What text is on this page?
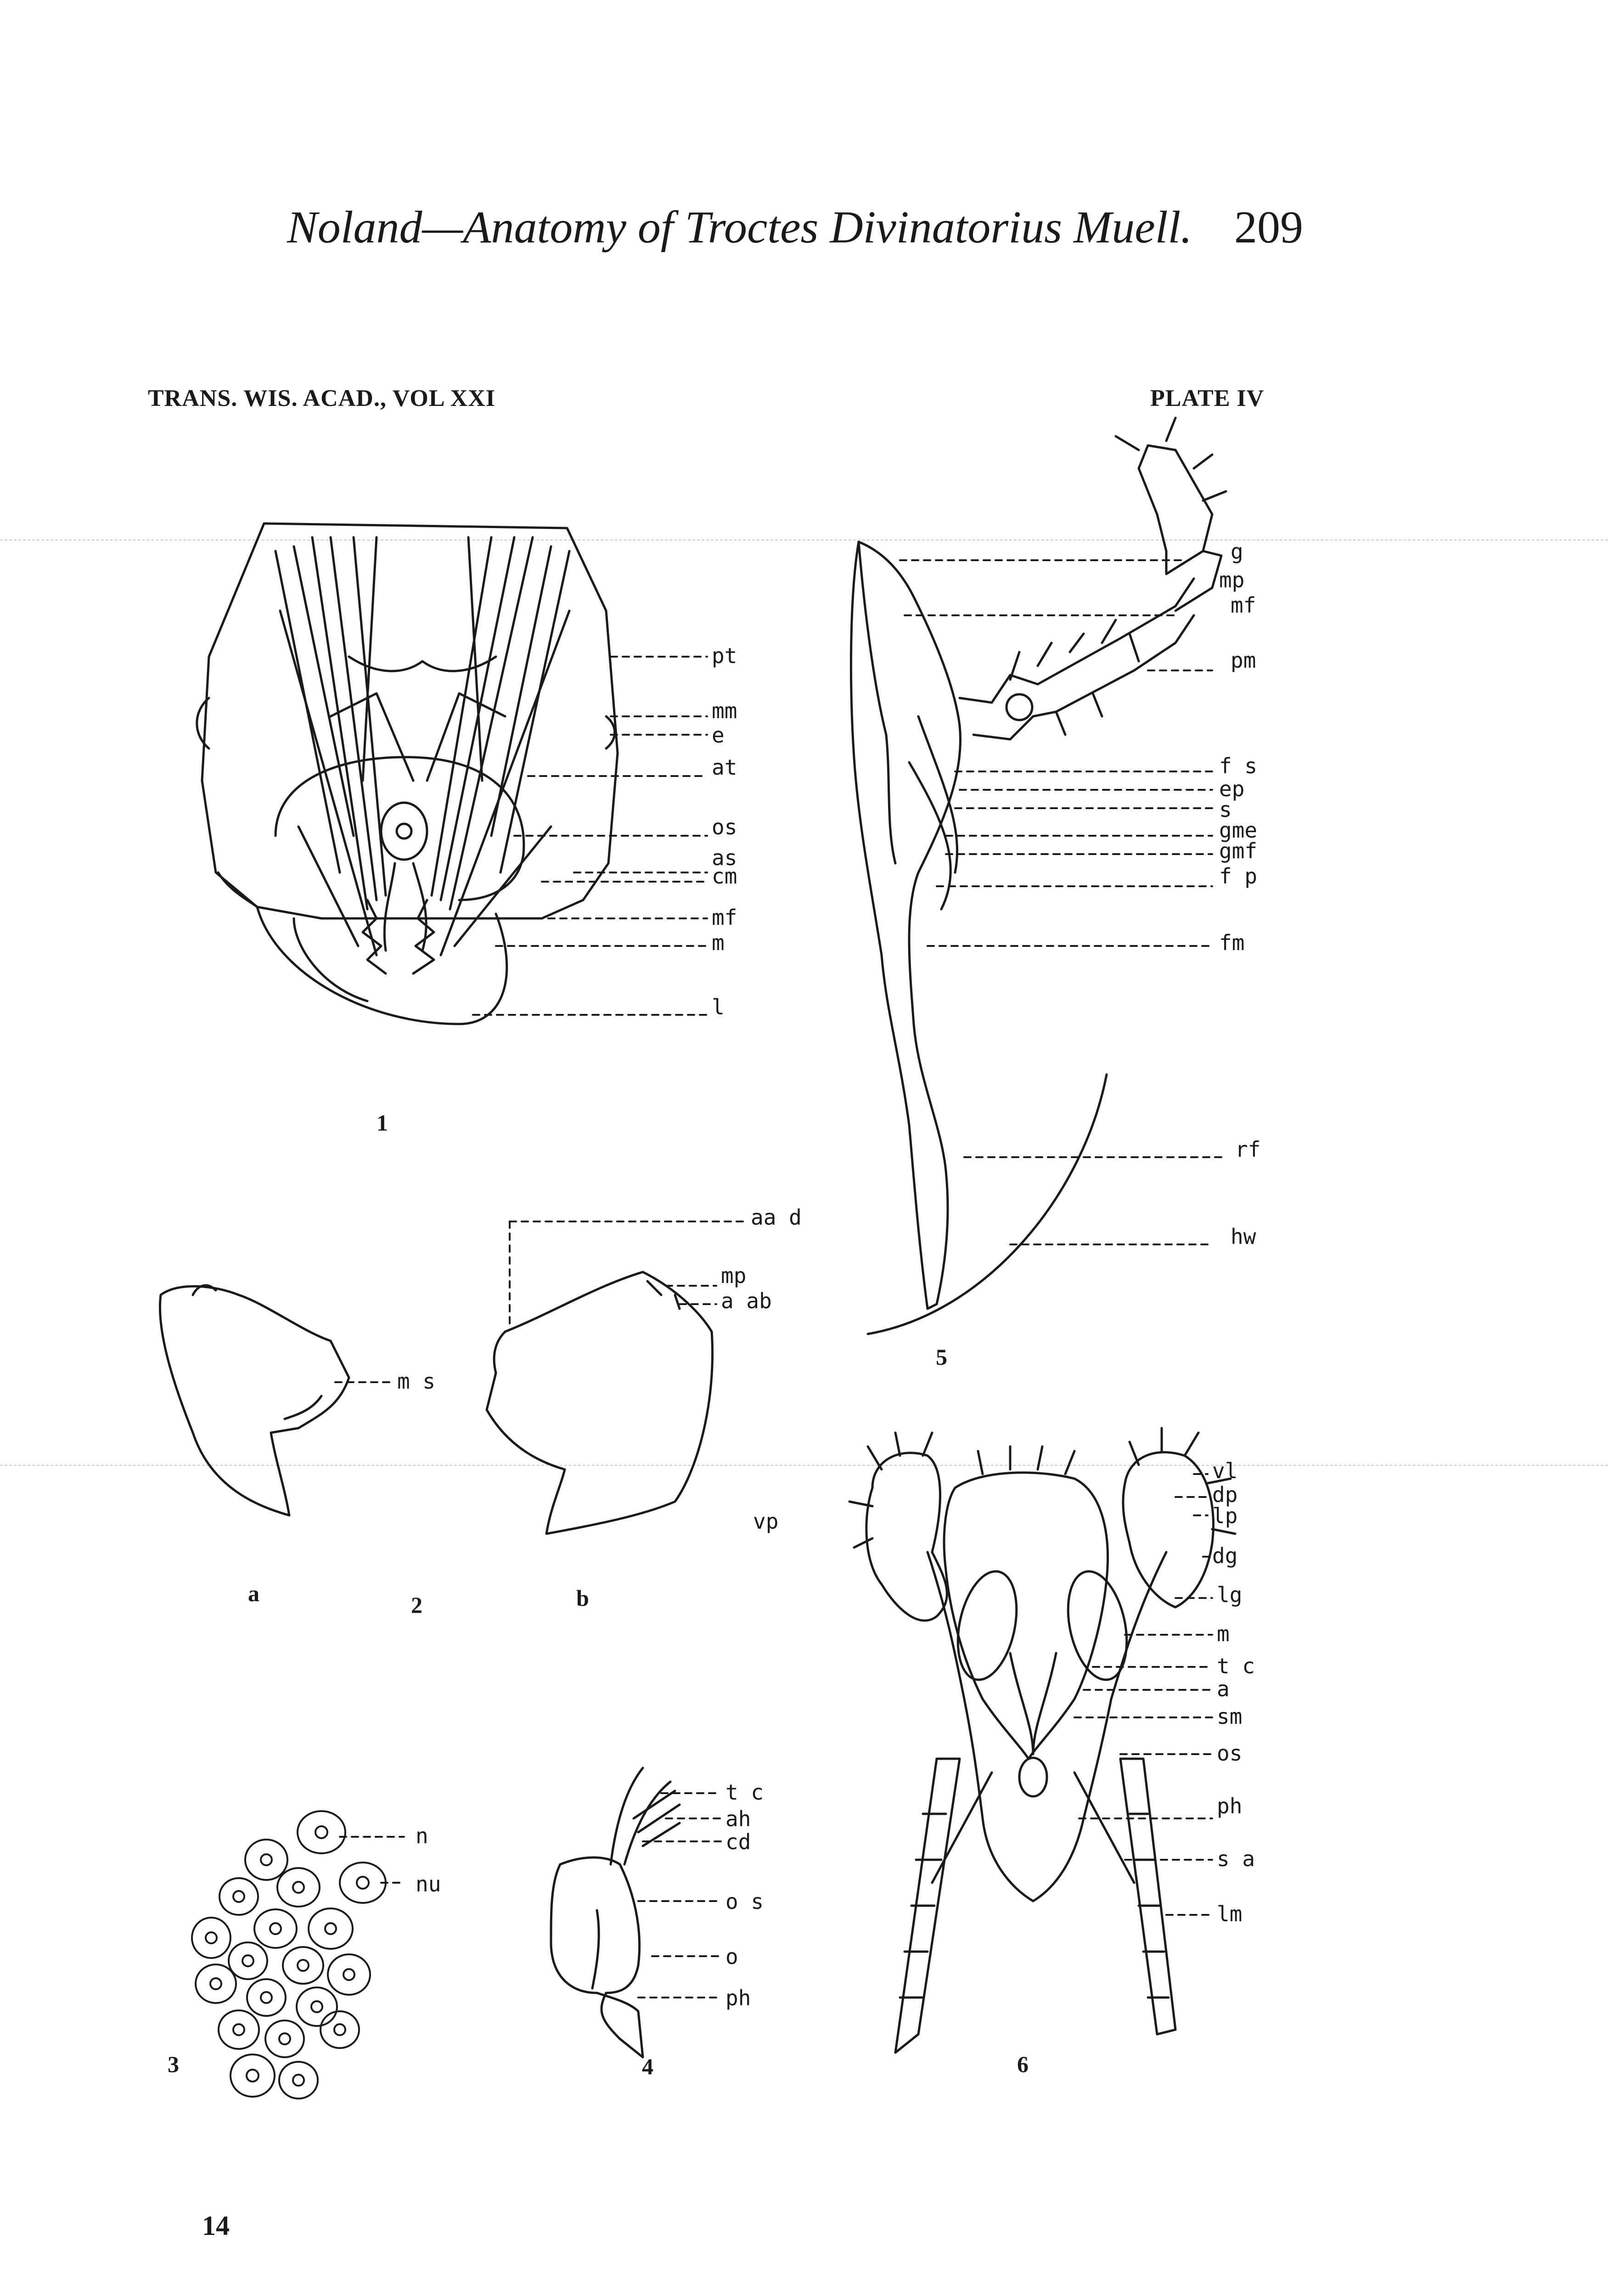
Noland—Anatomy of Troctes Divinatorius Muell. 209
TRANS. WIS. ACAD., VOL XXI	PLATE IV
pt
mm
e
at
os
as
cm
mf
m
l
1
aa d
mp
a ab
m s
vp
a	2	b
n
nu
3
t c
ah
cd
o s
o
ph
4
g
mp
mf
pm
f s
ep
s
gme
gmf
f p
fm
rf
hw
5
vl
dp
lp
dg
lg
m
t c
a
sm
os
ph
s a
lm
6
14
